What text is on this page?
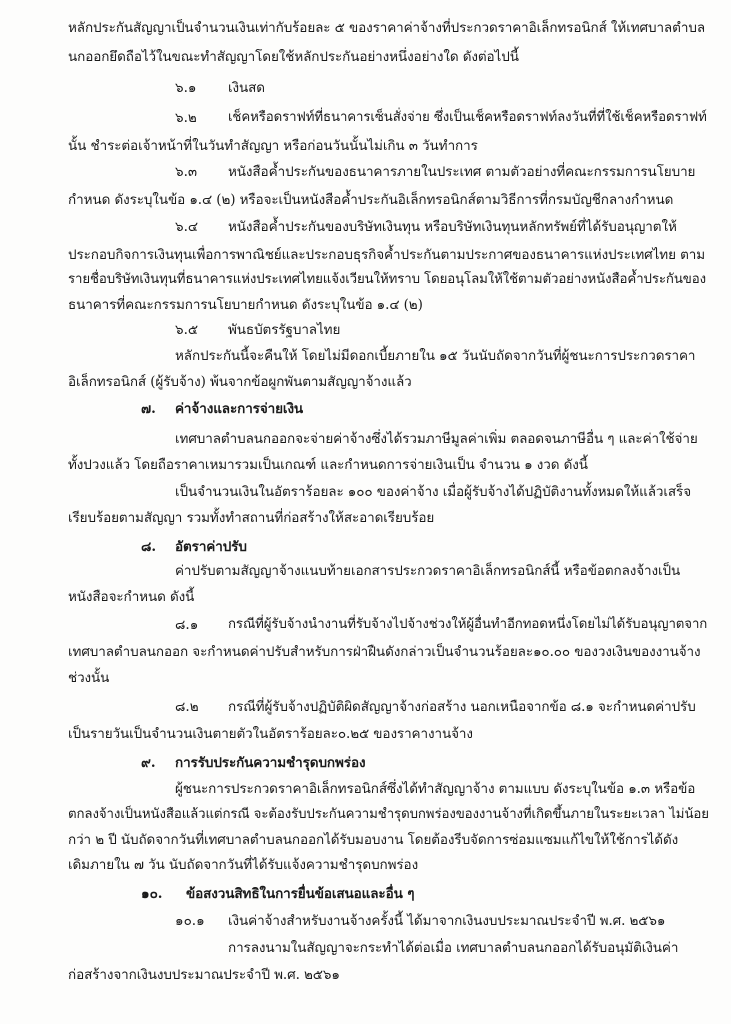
หลักประกันสัญญาเป็นจำนวนเงินเท่ากับร้อยละ ๕ ของราคาค่าจ้างที่ประกวดราคาอิเล็กทรอนิกส์ ให้เทศบาลตำบล
นกออกยึดถือไว้ในขณะทำสัญญาโดยใช้หลักประกันอย่างหนึ่งอย่างใด ดังต่อไปนี้
๖.๑ เงินสด
๖.๒ เช็คหรือดราฟท์ที่ธนาคารเซ็นสั่งจ่าย ซึ่งเป็นเช็คหรือดราฟท์ลงวันที่ที่ใช้เช็คหรือดราฟท์
นั้น ชำระต่อเจ้าหน้าที่ในวันทำสัญญา หรือก่อนวันนั้นไม่เกิน ๓ วันทำการ
๖.๓ หนังสือค้ำประกันของธนาคารภายในประเทศ ตามตัวอย่างที่คณะกรรมการนโยบาย
กำหนด ดังระบุในข้อ ๑.๔ (๒) หรือจะเป็นหนังสือค้ำประกันอิเล็กทรอนิกส์ตามวิธีการที่กรมบัญชีกลางกำหนด
๖.๔ หนังสือค้ำประกันของบริษัทเงินทุน หรือบริษัทเงินทุนหลักทรัพย์ที่ได้รับอนุญาตให้
ประกอบกิจการเงินทุนเพื่อการพาณิชย์และประกอบธุรกิจค้ำประกันตามประกาศของธนาคารแห่งประเทศไทย ตาม
รายชื่อบริษัทเงินทุนที่ธนาคารแห่งประเทศไทยแจ้งเวียนให้ทราบ โดยอนุโลมให้ใช้ตามตัวอย่างหนังสือค้ำประกันของ
ธนาคารที่คณะกรรมการนโยบายกำหนด ดังระบุในข้อ ๑.๔ (๒)
๖.๕ พันธบัตรรัฐบาลไทย
หลักประกันนี้จะคืนให้ โดยไม่มีดอกเบี้ยภายใน ๑๕ วันนับถัดจากวันที่ผู้ชนะการประกวดราคา
อิเล็กทรอนิกส์ (ผู้รับจ้าง) พ้นจากข้อผูกพันตามสัญญาจ้างแล้ว
๗. ค่าจ้างและการจ่ายเงิน
เทศบาลตำบลนกออกจะจ่ายค่าจ้างซึ่งได้รวมภาษีมูลค่าเพิ่ม ตลอดจนภาษีอื่น ๆ และค่าใช้จ่าย
ทั้งปวงแล้ว โดยถือราคาเหมารวมเป็นเกณฑ์ และกำหนดการจ่ายเงินเป็น จำนวน ๑ งวด ดังนี้
เป็นจำนวนเงินในอัตราร้อยละ ๑๐๐ ของค่าจ้าง เมื่อผู้รับจ้างได้ปฏิบัติงานทั้งหมดให้แล้วเสร็จ
เรียบร้อยตามสัญญา รวมทั้งทำสถานที่ก่อสร้างให้สะอาดเรียบร้อย
๘. อัตราค่าปรับ
ค่าปรับตามสัญญาจ้างแนบท้ายเอกสารประกวดราคาอิเล็กทรอนิกส์นี้ หรือข้อตกลงจ้างเป็น
หนังสือจะกำหนด ดังนี้
๘.๑ กรณีที่ผู้รับจ้างนำงานที่รับจ้างไปจ้างช่วงให้ผู้อื่นทำอีกทอดหนึ่งโดยไม่ได้รับอนุญาตจาก
เทศบาลตำบลนกออก จะกำหนดค่าปรับสำหรับการฝ่าฝืนดังกล่าวเป็นจำนวนร้อยละ๑๐.๐๐ ของวงเงินของงานจ้าง
ช่วงนั้น
๘.๒ กรณีที่ผู้รับจ้างปฏิบัติผิดสัญญาจ้างก่อสร้าง นอกเหนือจากข้อ ๘.๑ จะกำหนดค่าปรับ
เป็นรายวันเป็นจำนวนเงินตายตัวในอัตราร้อยละ๐.๒๕ ของราคางานจ้าง
๙. การรับประกันความชำรุดบกพร่อง
ผู้ชนะการประกวดราคาอิเล็กทรอนิกส์ซึ่งได้ทำสัญญาจ้าง ตามแบบ ดังระบุในข้อ ๑.๓ หรือข้อ
ตกลงจ้างเป็นหนังสือแล้วแต่กรณี จะต้องรับประกันความชำรุดบกพร่องของงานจ้างที่เกิดขึ้นภายในระยะเวลา ไม่น้อย
กว่า ๒ ปี นับถัดจากวันที่เทศบาลตำบลนกออกได้รับมอบงาน โดยต้องรีบจัดการซ่อมแซมแก้ไขให้ใช้การได้ดัง
เดิมภายใน ๗ วัน นับถัดจากวันที่ได้รับแจ้งความชำรุดบกพร่อง
๑๐. ข้อสงวนสิทธิในการยื่นข้อเสนอและอื่น ๆ
๑๐.๑ เงินค่าจ้างสำหรับงานจ้างครั้งนี้ ได้มาจากเงินงบประมาณประจำปี พ.ศ. ๒๕๖๑
การลงนามในสัญญาจะกระทำได้ต่อเมื่อ เทศบาลตำบลนกออกได้รับอนุมัติเงินค่า
ก่อสร้างจากเงินงบประมาณประจำปี พ.ศ. ๒๕๖๑
